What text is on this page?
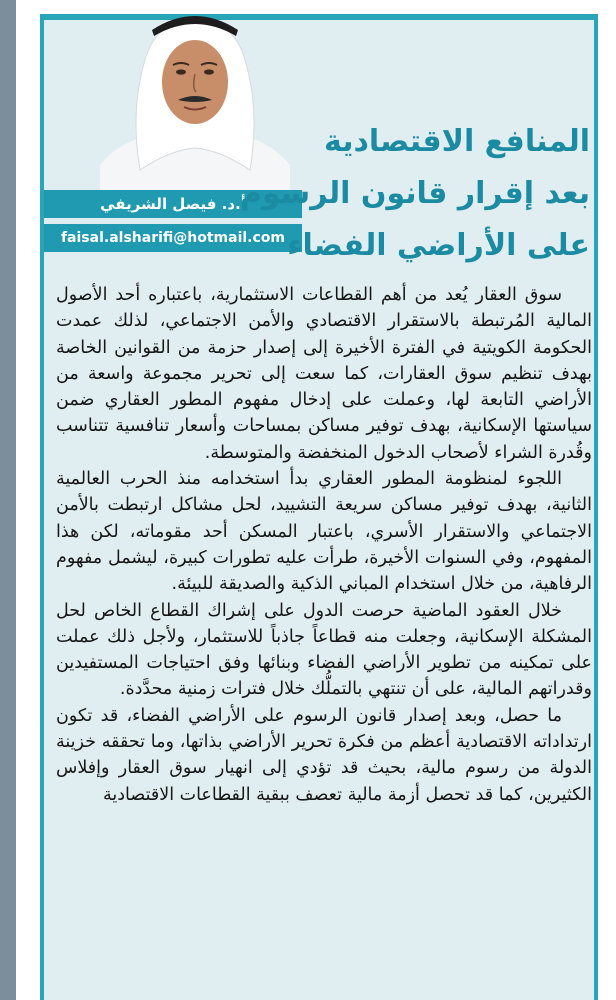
أ.د. فيصل الشريفي
faisal.alsharifi@hotmail.com
المنافع الاقتصادية
بعد إقرار قانون الرسوم
على الأراضي الفضاء

سوق العقار يُعد من أهم القطاعات الاستثمارية، باعتباره أحد الأصول المالية المُرتبطة بالاستقرار الاقتصادي والأمن الاجتماعي، لذلك عمدت الحكومة الكويتية في الفترة الأخيرة إلى إصدار حزمة من القوانين الخاصة بهدف تنظيم سوق العقارات، كما سعت إلى تحرير مجموعة واسعة من الأراضي التابعة لها، وعملت على إدخال مفهوم المطور العقاري ضمن سياستها الإسكانية، بهدف توفير مساكن بمساحات وأسعار تنافسية تتناسب وقُدرة الشراء لأصحاب الدخول المنخفضة والمتوسطة.

اللجوء لمنظومة المطور العقاري بدأ استخدامه منذ الحرب العالمية الثانية، بهدف توفير مساكن سريعة التشييد، لحل مشاكل ارتبطت بالأمن الاجتماعي والاستقرار الأسري، باعتبار المسكن أحد مقوماته، لكن هذا المفهوم، وفي السنوات الأخيرة، طرأت عليه تطورات كبيرة، ليشمل مفهوم الرفاهية، من خلال استخدام المباني الذكية والصديقة للبيئة.

خلال العقود الماضية حرصت الدول على إشراك القطاع الخاص لحل المشكلة الإسكانية، وجعلت منه قطاعاً جاذباً للاستثمار، ولأجل ذلك عملت على تمكينه من تطوير الأراضي الفضاء وبنائها وفق احتياجات المستفيدين وقدراتهم المالية، على أن تنتهي بالتملُّك خلال فترات زمنية محدَّدة.

ما حصل، وبعد إصدار قانون الرسوم على الأراضي الفضاء، قد تكون ارتداداته الاقتصادية أعظم من فكرة تحرير الأراضي بذاتها، وما تحققه خزينة الدولة من رسوم مالية، بحيث قد تؤدي إلى انهيار سوق العقار وإفلاس الكثيرين، كما قد تحصل أزمة مالية تعصف ببقية القطاعات الاقتصادية
